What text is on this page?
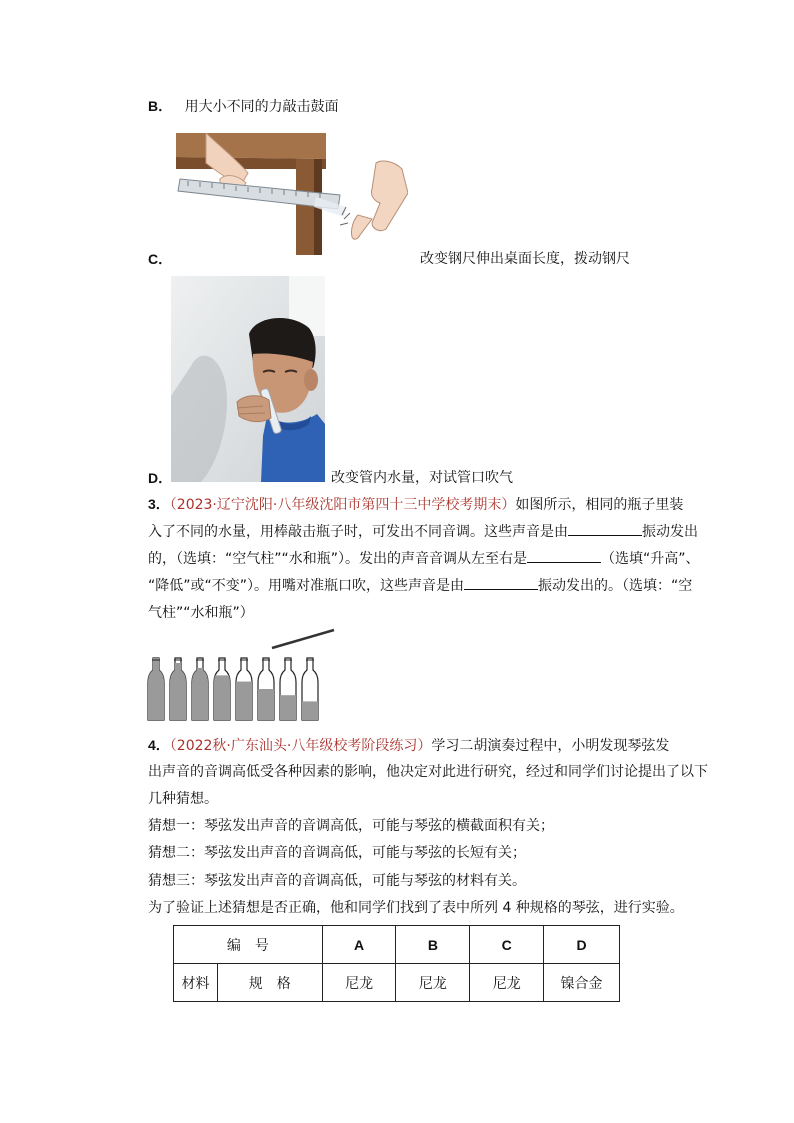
B． 用大小不同的力敲击鼓面
C．	改变钢尺伸出桌面长度，拨动钢尺
D．	改变管内水量，对试管口吹气
3．（2023·辽宁沈阳·八年级沈阳市第四十三中学校考期末）如图所示，相同的瓶子里装
入了不同的水量，用棒敲击瓶子时，可发出不同音调。这些声音是由	振动发出
的，（选填：“空气柱”“水和瓶”）。发出的声音音调从左至右是	（选填“升高”、
“降低”或“不变”）。用嘴对准瓶口吹，这些声音是由	振动发出的。（选填：“空
气柱”“水和瓶”）
4．（2022秋·广东汕头·八年级校考阶段练习）学习二胡演奏过程中，小明发现琴弦发
出声音的音调高低受各种因素的影响，他决定对此进行研究，经过和同学们讨论提出了以下
几种猜想。
猜想一：琴弦发出声音的音调高低，可能与琴弦的横截面积有关；
猜想二：琴弦发出声音的音调高低，可能与琴弦的长短有关；
猜想三：琴弦发出声音的音调高低，可能与琴弦的材料有关。
为了验证上述猜想是否正确，他和同学们找到了表中所列 4 种规格的琴弦，进行实验。
编　号		A	B	C	D
材料	规　格	尼龙	尼龙	尼龙	镍合金
